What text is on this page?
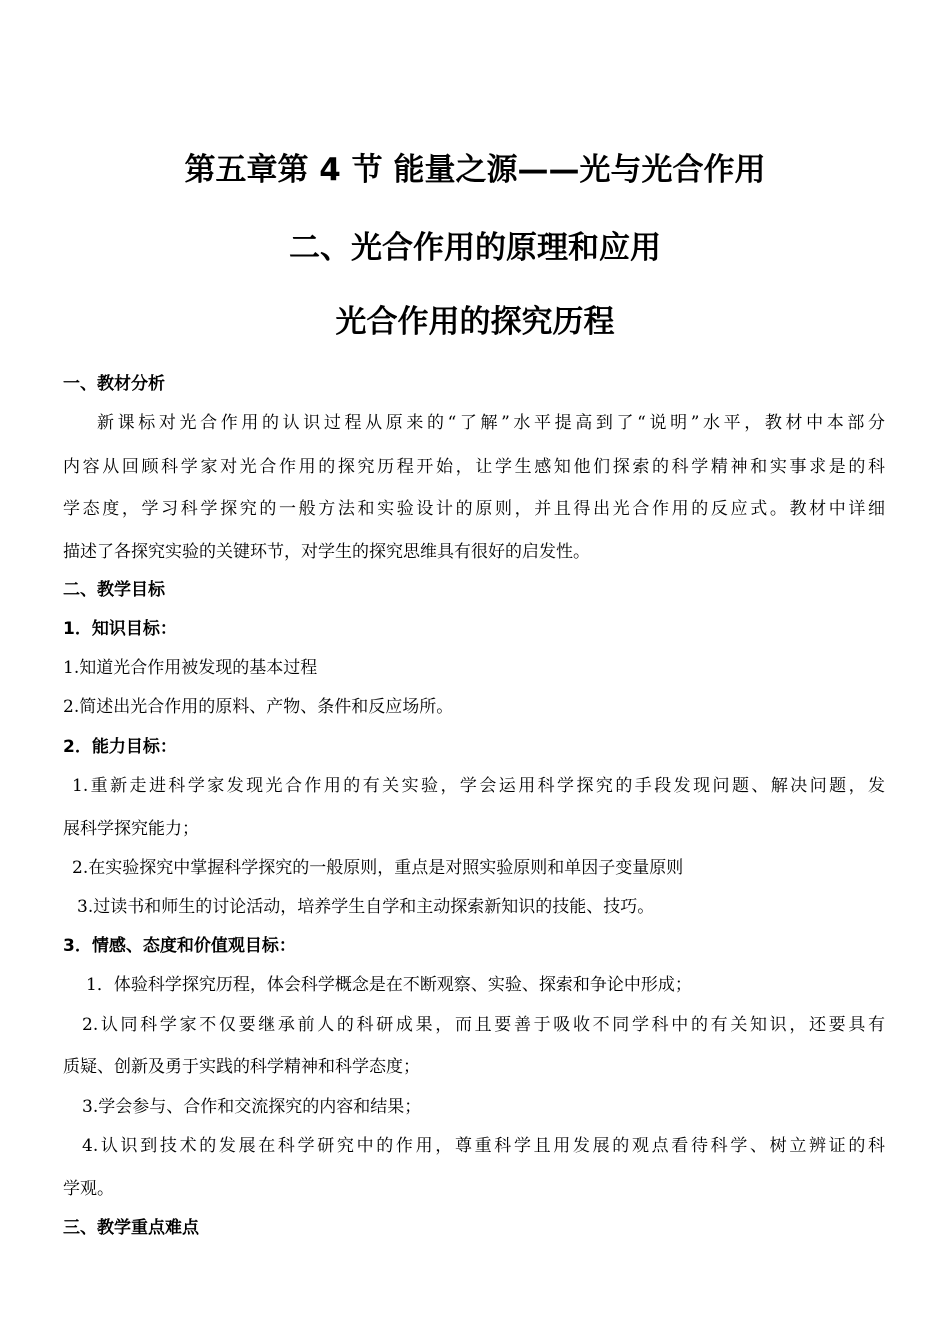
第五章第 4 节 能量之源——光与光合作用
二、光合作用的原理和应用
光合作用的探究历程
一、教材分析
新课标对光合作用的认识过程从原来的“了解”水平提高到了“说明”水平，教材中本部分
内容从回顾科学家对光合作用的探究历程开始，让学生感知他们探索的科学精神和实事求是的科
学态度，学习科学探究的一般方法和实验设计的原则，并且得出光合作用的反应式。教材中详细
描述了各探究实验的关键环节，对学生的探究思维具有很好的启发性。
二、教学目标
1．知识目标：
1.知道光合作用被发现的基本过程
2.简述出光合作用的原料、产物、条件和反应场所。
2．能力目标：
1.重新走进科学家发现光合作用的有关实验，学会运用科学探究的手段发现问题、解决问题，发
展科学探究能力；
2.在实验探究中掌握科学探究的一般原则，重点是对照实验原则和单因子变量原则
3.过读书和师生的讨论活动，培养学生自学和主动探索新知识的技能、技巧。
3．情感、态度和价值观目标：
1．体验科学探究历程，体会科学概念是在不断观察、实验、探索和争论中形成；
2.认同科学家不仅要继承前人的科研成果，而且要善于吸收不同学科中的有关知识，还要具有
质疑、创新及勇于实践的科学精神和科学态度；
3.学会参与、合作和交流探究的内容和结果；
4.认识到技术的发展在科学研究中的作用，尊重科学且用发展的观点看待科学、树立辨证的科
学观。
三、教学重点难点
